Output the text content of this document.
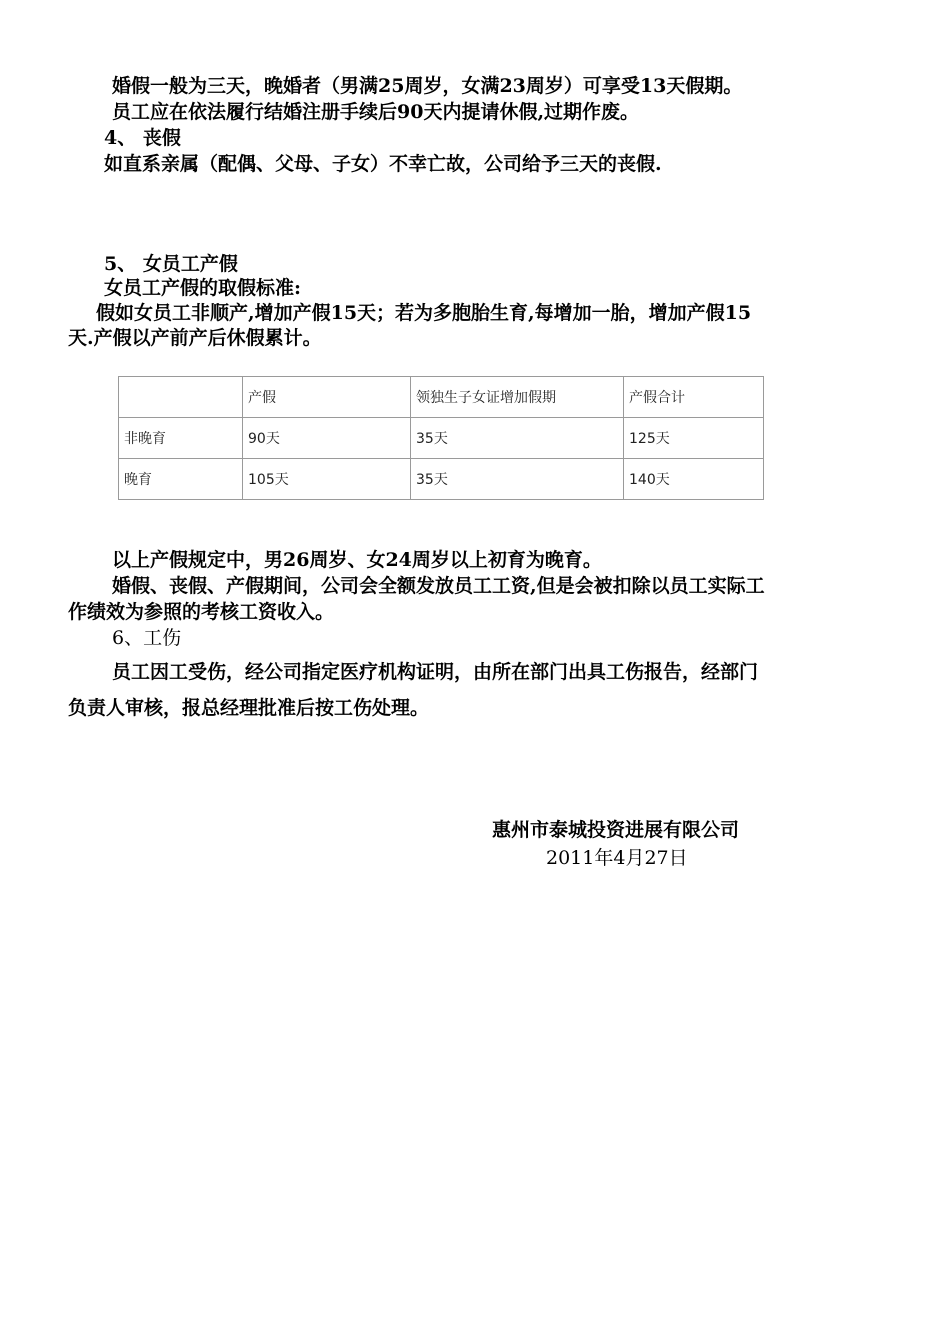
婚假一般为三天，晚婚者（男满25周岁，女满23周岁）可享受13天假期。
员工应在依法履行结婚注册手续后90天内提请休假,过期作废。
4、 丧假
如直系亲属（配偶、父母、子女）不幸亡故，公司给予三天的丧假.
5、 女员工产假
女员工产假的取假标准:
假如女员工非顺产,增加产假15天；若为多胞胎生育,每增加一胎，增加产假15
天.产假以产前产后休假累计。
	产假	领独生子女证增加假期	产假合计
非晚育	90天	35天	125天
晚育	105天	35天	140天
以上产假规定中，男26周岁、女24周岁以上初育为晚育。
婚假、丧假、产假期间，公司会全额发放员工工资,但是会被扣除以员工实际工
作绩效为参照的考核工资收入。
6、工伤
员工因工受伤，经公司指定医疗机构证明，由所在部门出具工伤报告，经部门
负责人审核，报总经理批准后按工伤处理。
惠州市泰城投资进展有限公司
2011年4月27日
